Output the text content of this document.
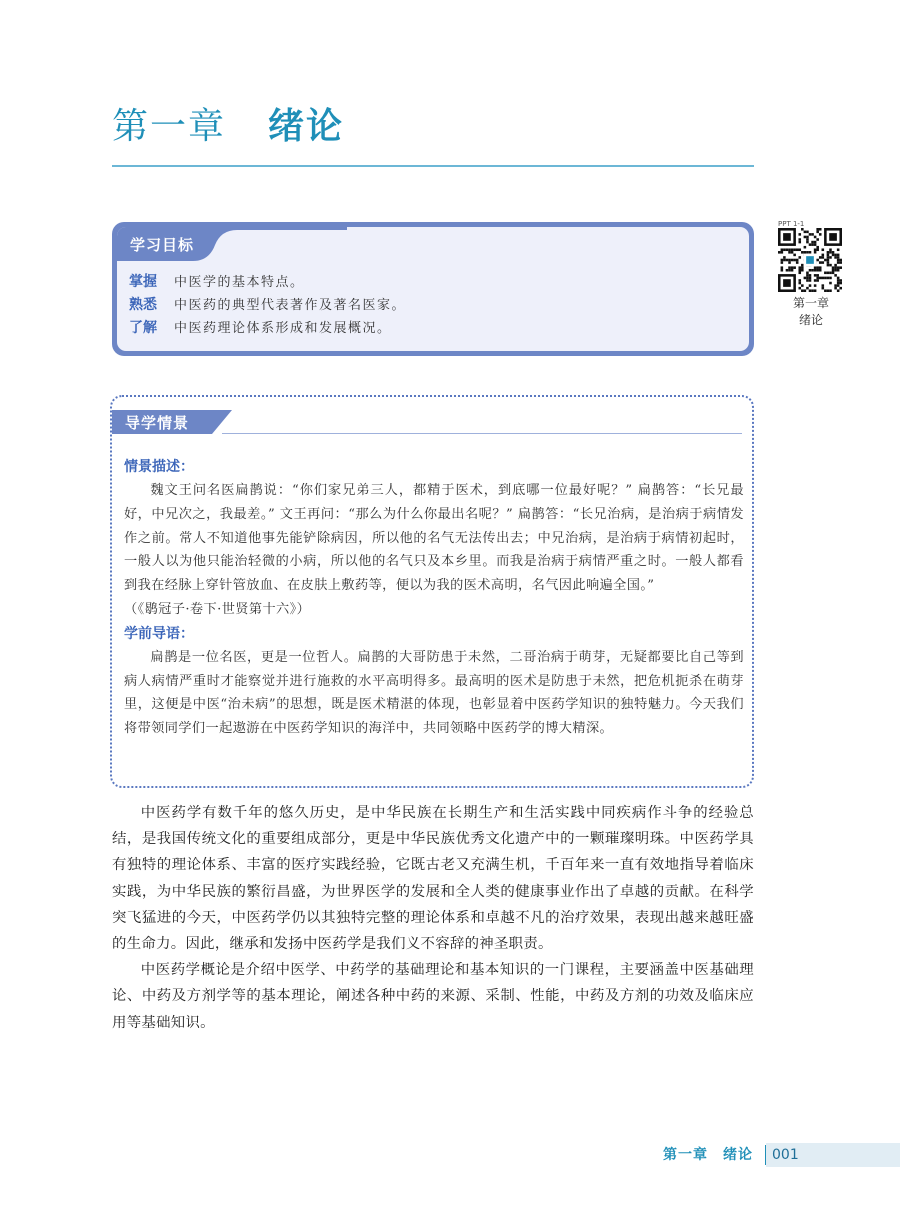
第一章 绪论
学习目标
掌握	中医学的基本特点。
熟悉	中医药的典型代表著作及著名医家。
了解	中医药理论体系形成和发展概况。
PPT 1-1
第一章
绪论
导学情景
情景描述：

魏文王问名医扁鹊说：“你们家兄弟三人，都精于医术，到底哪一位最好呢？” 扁鹊答：“长兄最好，中兄次之，我最差。” 文王再问：“那么为什么你最出名呢？” 扁鹊答：“长兄治病，是治病于病情发作之前。常人不知道他事先能铲除病因，所以他的名气无法传出去；中兄治病，是治病于病情初起时，一般人以为他只能治轻微的小病，所以他的名气只及本乡里。而我是治病于病情严重之时。一般人都看到我在经脉上穿针管放血、在皮肤上敷药等，便以为我的医术高明，名气因此响遍全国。”

（《鹖冠子·卷下·世贤第十六》）
学前导语：

扁鹊是一位名医，更是一位哲人。扁鹊的大哥防患于未然，二哥治病于萌芽，无疑都要比自己等到病人病情严重时才能察觉并进行施救的水平高明得多。最高明的医术是防患于未然，把危机扼杀在萌芽里，这便是中医“治未病”的思想，既是医术精湛的体现，也彰显着中医药学知识的独特魅力。今天我们将带领同学们一起遨游在中医药学知识的海洋中，共同领略中医药学的博大精深。

中医药学有数千年的悠久历史，是中华民族在长期生产和生活实践中同疾病作斗争的经验总结，是我国传统文化的重要组成部分，更是中华民族优秀文化遗产中的一颗璀璨明珠。中医药学具有独特的理论体系、丰富的医疗实践经验，它既古老又充满生机，千百年来一直有效地指导着临床实践，为中华民族的繁衍昌盛，为世界医学的发展和全人类的健康事业作出了卓越的贡献。在科学突飞猛进的今天，中医药学仍以其独特完整的理论体系和卓越不凡的治疗效果，表现出越来越旺盛的生命力。因此，继承和发扬中医药学是我们义不容辞的神圣职责。

中医药学概论是介绍中医学、中药学的基础理论和基本知识的一门课程，主要涵盖中医基础理论、中药及方剂学等的基本理论，阐述各种中药的来源、采制、性能，中药及方剂的功效及临床应用等基础知识。

第一章　绪论 001
